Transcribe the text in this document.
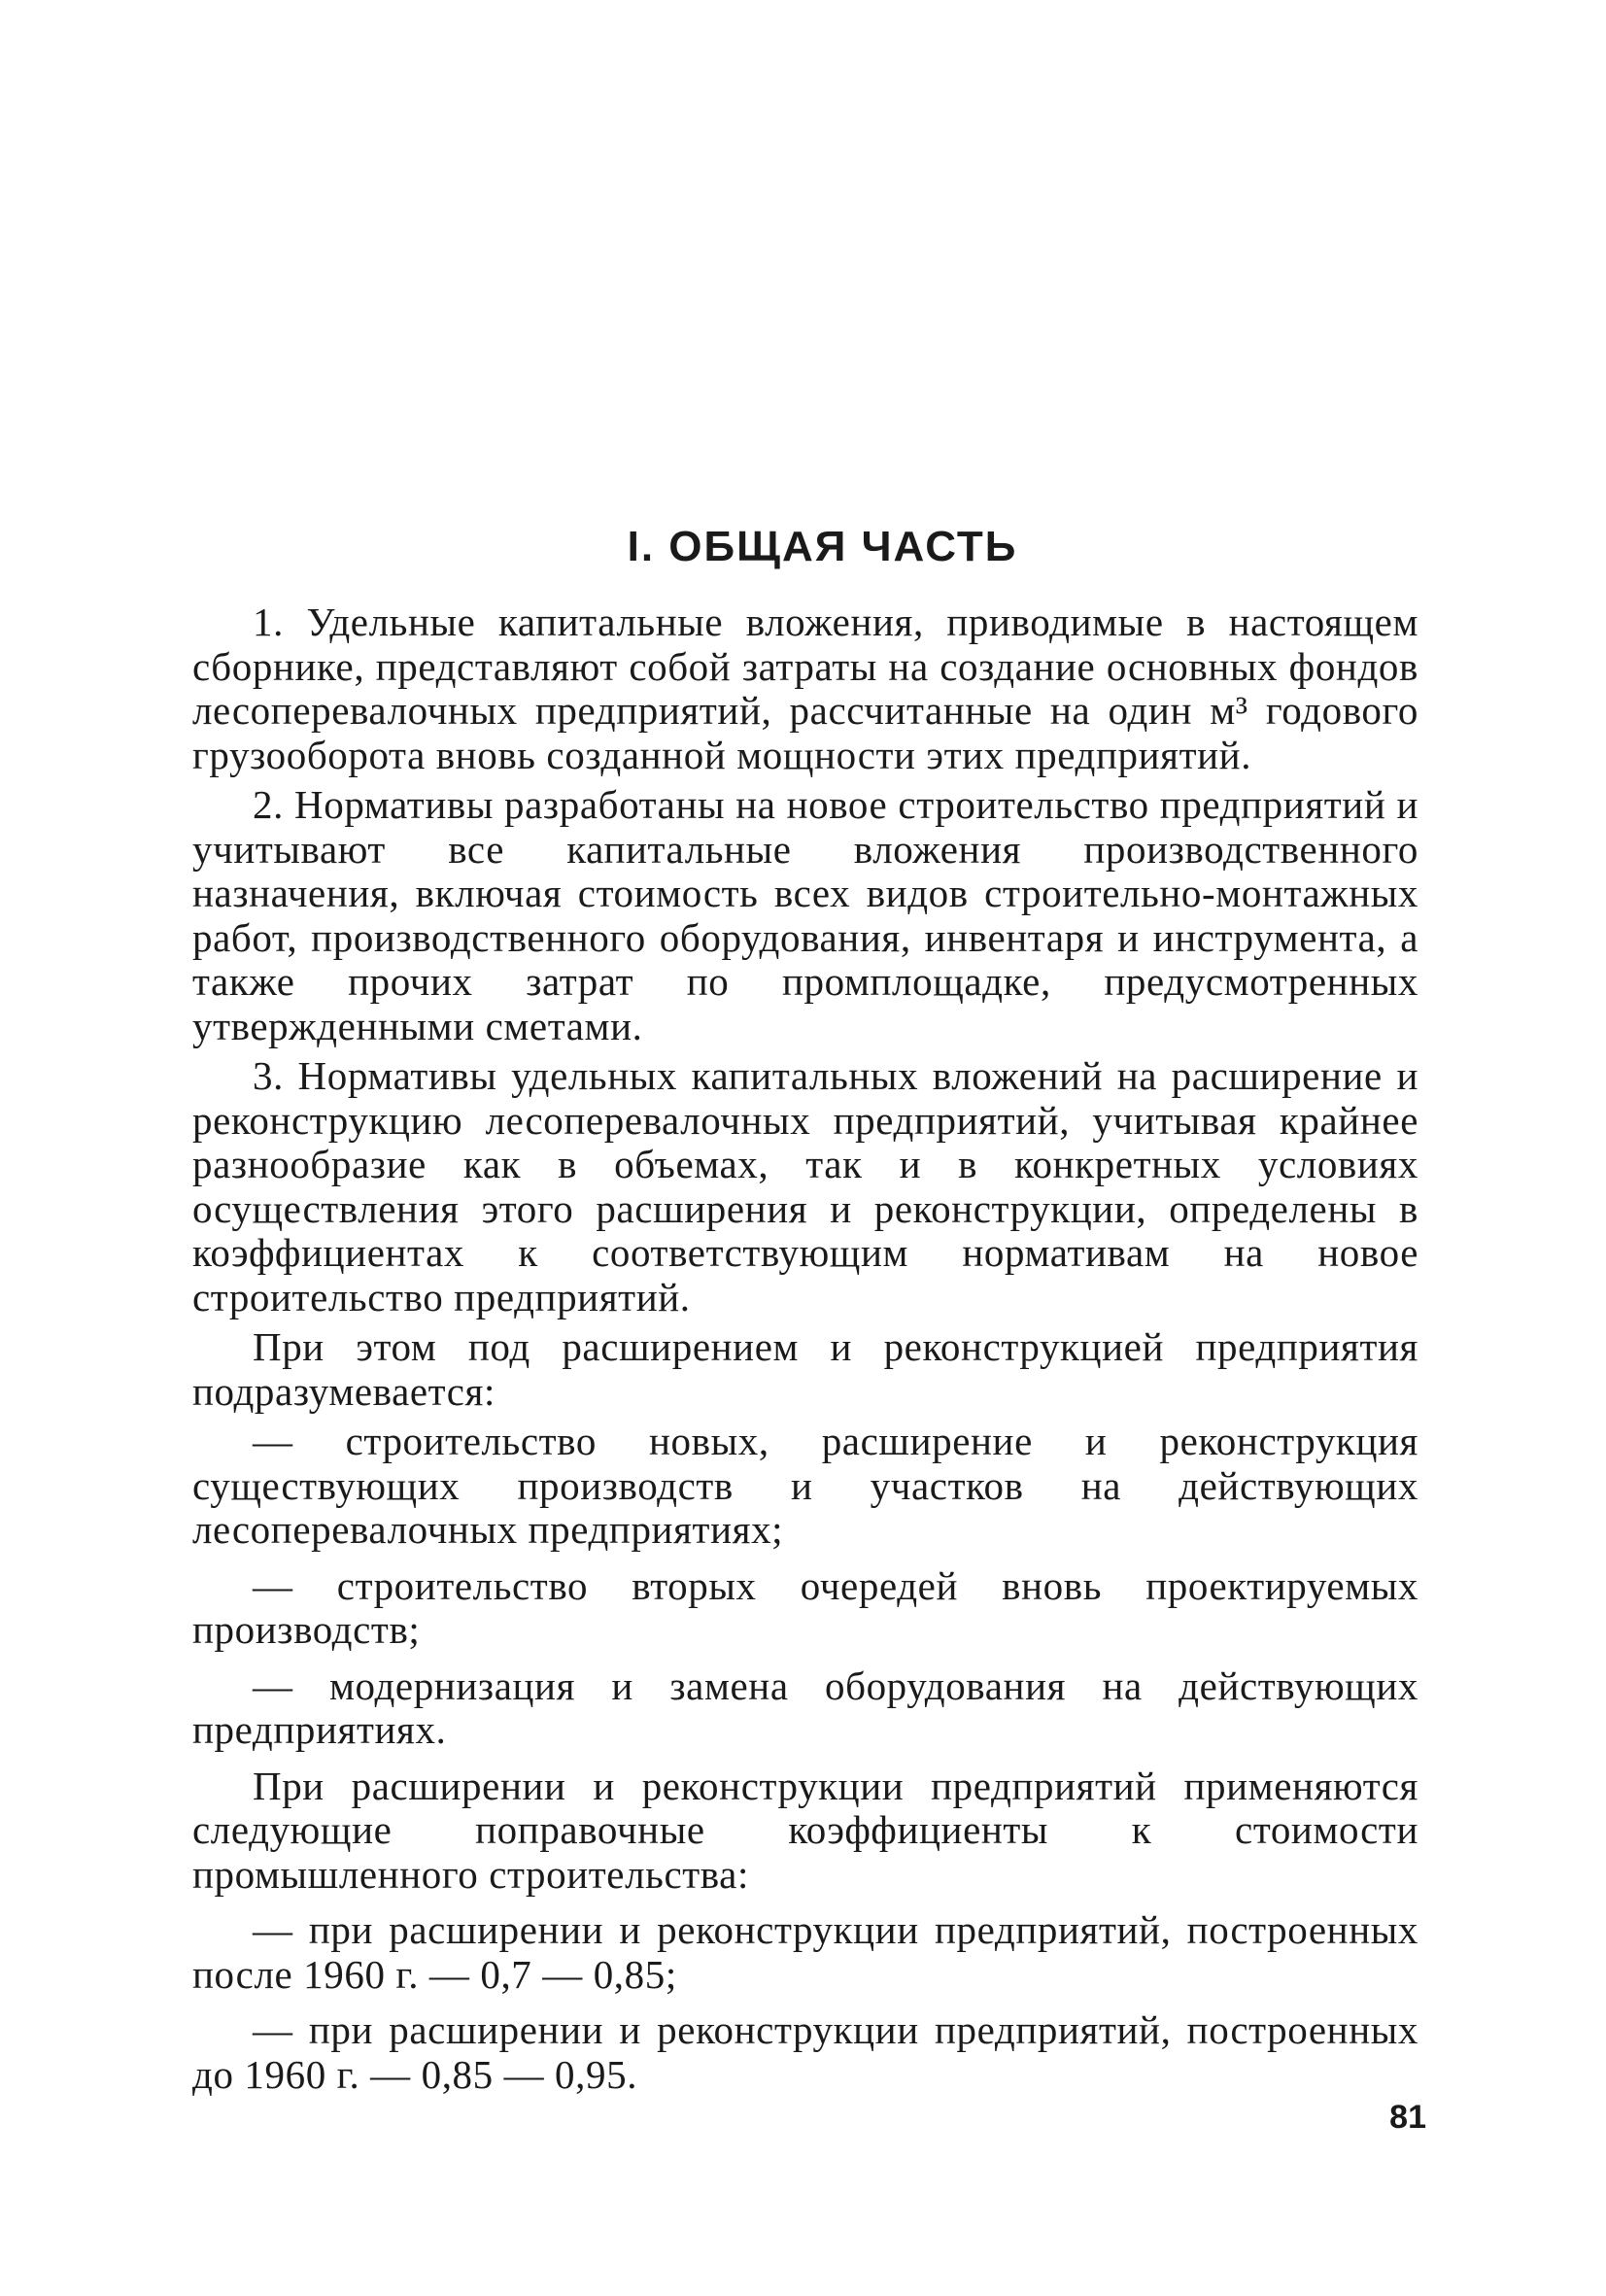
I. ОБЩАЯ ЧАСТЬ

1. Удельные капитальные вложения, приводимые в настоящем сборнике, представляют собой затраты на создание основных фондов лесоперевалочных предприятий, рассчитанные на один м³ годового грузооборота вновь созданной мощности этих предприятий.

2. Нормативы разработаны на новое строительство предприятий и учитывают все капитальные вложения производственного назначения, включая стоимость всех видов строительно-монтажных работ, производственного оборудования, инвентаря и инструмента, а также прочих затрат по промплощадке, предусмотренных утвержденными сметами.

3. Нормативы удельных капитальных вложений на расширение и реконструкцию лесоперевалочных предприятий, учитывая крайнее разнообразие как в объемах, так и в конкретных условиях осуществления этого расширения и реконструкции, определены в коэффициентах к соответствующим нормативам на новое строительство предприятий.

При этом под расширением и реконструкцией предприятия подразумевается:

— строительство новых, расширение и реконструкция существующих производств и участков на действующих лесоперевалочных предприятиях;

— строительство вторых очередей вновь проектируемых производств;

— модернизация и замена оборудования на действующих предприятиях.

При расширении и реконструкции предприятий применяются следующие поправочные коэффициенты к стоимости промышленного строительства:

— при расширении и реконструкции предприятий, построенных после 1960 г. — 0,7 — 0,85;

— при расширении и реконструкции предприятий, построенных до 1960 г. — 0,85 — 0,95.

81
